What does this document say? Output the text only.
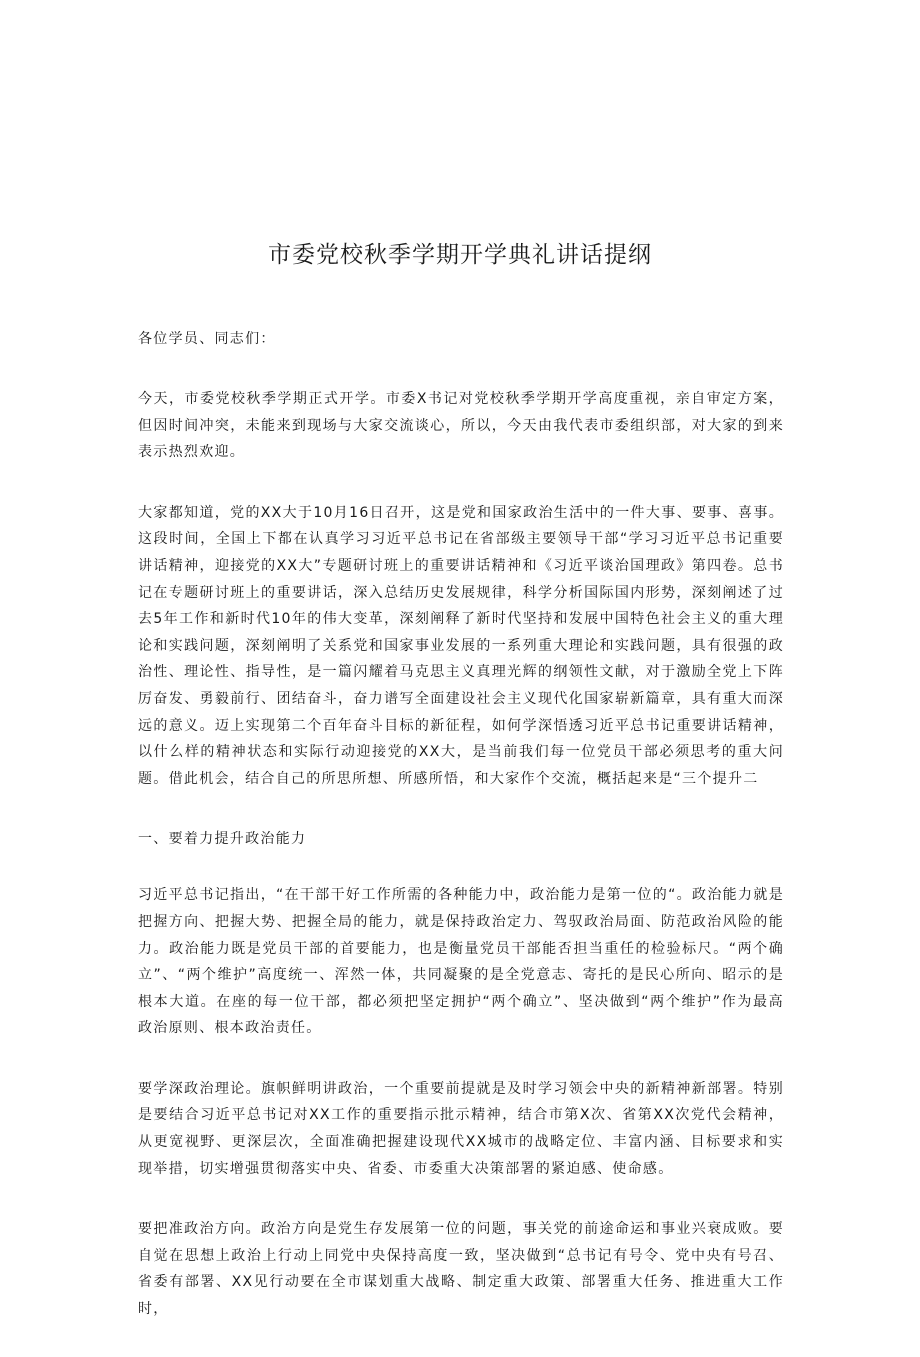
市委党校秋季学期开学典礼讲话提纲

各位学员、同志们：

今天，市委党校秋季学期正式开学。市委X书记对党校秋季学期开学高度重视，亲自审定方案，但因时间冲突，未能来到现场与大家交流谈心，所以，今天由我代表市委组织部，对大家的到来表示热烈欢迎。

大家都知道，党的XX大于10月16日召开，这是党和国家政治生活中的一件大事、要事、喜事。这段时间，全国上下都在认真学习习近平总书记在省部级主要领导干部“学习习近平总书记重要讲话精神，迎接党的XX大”专题研讨班上的重要讲话精神和《习近平谈治国理政》第四卷。总书记在专题研讨班上的重要讲话，深入总结历史发展规律，科学分析国际国内形势，深刻阐述了过去5年工作和新时代10年的伟大变革，深刻阐释了新时代坚持和发展中国特色社会主义的重大理论和实践问题，深刻阐明了关系党和国家事业发展的一系列重大理论和实践问题，具有很强的政治性、理论性、指导性，是一篇闪耀着马克思主义真理光辉的纲领性文献，对于激励全党上下阵厉奋发、勇毅前行、团结奋斗，奋力谱写全面建设社会主义现代化国家崭新篇章，具有重大而深远的意义。迈上实现第二个百年奋斗目标的新征程，如何学深悟透习近平总书记重要讲话精神，以什么样的精神状态和实际行动迎接党的XX大，是当前我们每一位党员干部必须思考的重大问题。借此机会，结合自己的所思所想、所感所悟，和大家作个交流，概括起来是“三个提升二

一、要着力提升政治能力

习近平总书记指出，“在干部干好工作所需的各种能力中，政治能力是第一位的“。政治能力就是把握方向、把握大势、把握全局的能力，就是保持政治定力、驾驭政治局面、防范政治风险的能力。政治能力既是党员干部的首要能力，也是衡量党员干部能否担当重任的检验标尺。“两个确立”、“两个维护”高度统一、浑然一体，共同凝聚的是全党意志、寄托的是民心所向、昭示的是根本大道。在座的每一位干部，都必须把坚定拥护“两个确立”、坚决做到“两个维护”作为最高政治原则、根本政治责任。

要学深政治理论。旗帜鲜明讲政治，一个重要前提就是及时学习领会中央的新精神新部署。特别是要结合习近平总书记对XX工作的重要指示批示精神，结合市第X次、省第XX次党代会精神，从更宽视野、更深层次，全面准确把握建设现代XX城市的战略定位、丰富内涵、目标要求和实现举措，切实增强贯彻落实中央、省委、市委重大决策部署的紧迫感、使命感。

要把准政治方向。政治方向是党生存发展第一位的问题，事关党的前途命运和事业兴衰成败。要自觉在思想上政治上行动上同党中央保持高度一致，坚决做到“总书记有号令、党中央有号召、省委有部署、XX见行动要在全市谋划重大战略、制定重大政策、部署重大任务、推进重大工作时，
